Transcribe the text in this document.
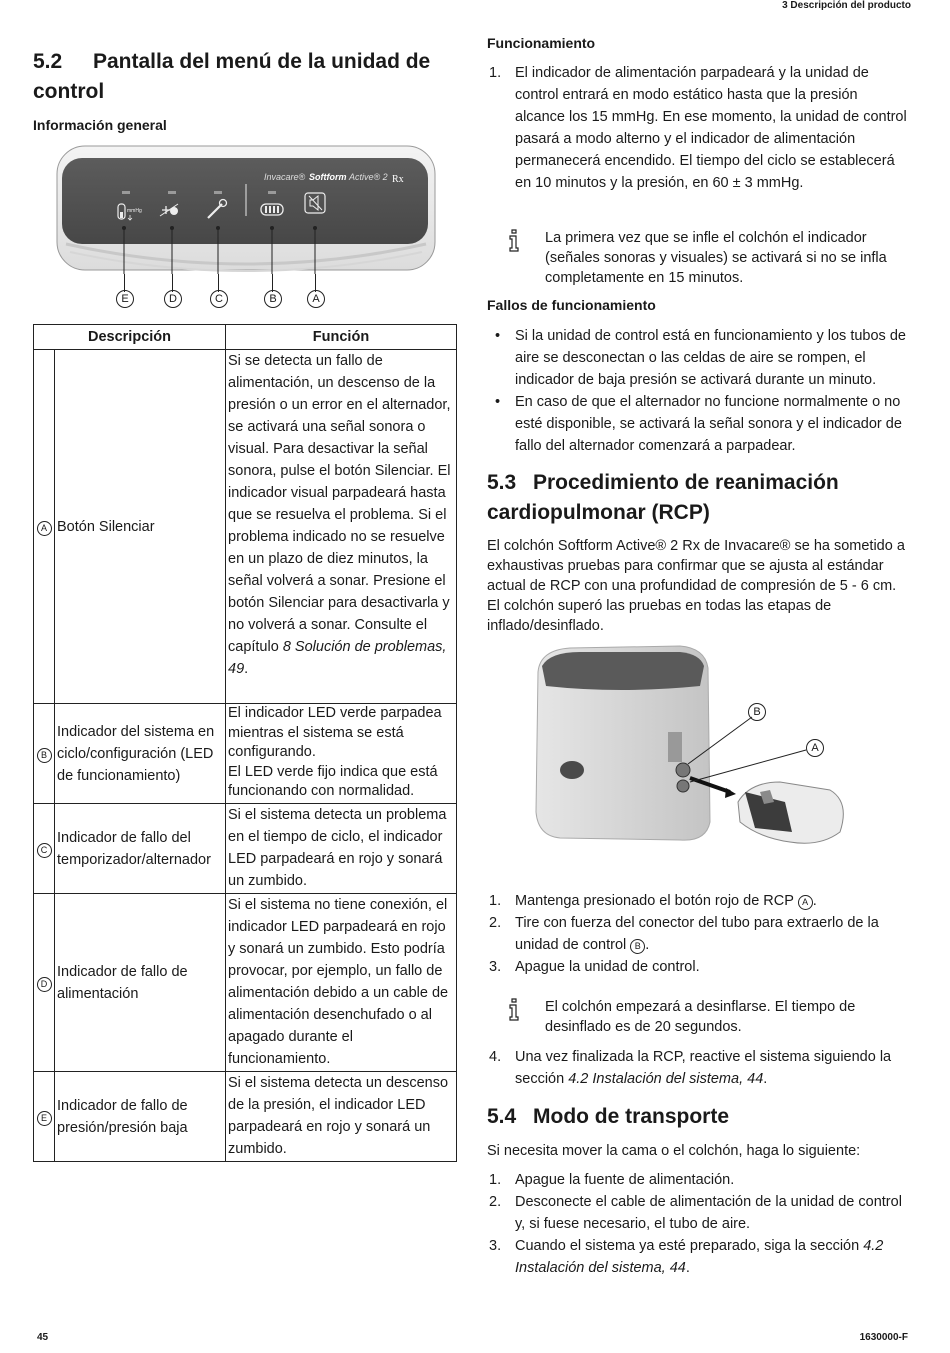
3 Descripción del producto
45	1630000-F
5.2 Pantalla del menú de la unidad de control
Información general
mmHg
Invacare® Softform Active® 2 Rx
E	D	C	B	A
Descripción		Función
A	Botón Silenciar	Si se detecta un fallo de alimentación, un descenso de la presión o un error en el alternador, se activará una señal sonora o visual. Para desactivar la señal sonora, pulse el botón Silenciar. El indicador visual parpadeará hasta que se resuelva el problema. Si el problema indicado no se resuelve en un plazo de diez minutos, la señal volverá a sonar. Presione el botón Silenciar para desactivarla y no volverá a sonar. Consulte el capítulo 8 Solución de problemas, 49.
B	Indicador del sistema en ciclo/configuración (LED de funcionamiento)	El indicador LED verde parpadea mientras el sistema se está configurando.
El LED verde fijo indica que está funcionando con normalidad.

C	Indicador de fallo del temporizador/alternador	Si el sistema detecta un problema en el tiempo de ciclo, el indicador LED parpadeará en rojo y sonará un zumbido.
D	Indicador de fallo de alimentación	Si el sistema no tiene conexión, el indicador LED parpadeará en rojo y sonará un zumbido. Esto podría provocar, por ejemplo, un fallo de alimentación debido a un cable de alimentación desenchufado o al apagado durante el funcionamiento.
E	Indicador de fallo de presión/presión baja	Si el sistema detecta un descenso de la presión, el indicador LED parpadeará en rojo y sonará un zumbido.
Funcionamiento
1. El indicador de alimentación parpadeará y la unidad de control entrará en modo estático hasta que la presión alcance los 15 mmHg. En ese momento, la unidad de control pasará a modo alterno y el indicador de alimentación permanecerá encendido. El tiempo del ciclo se establecerá en 10 minutos y la presión, en 60 ± 3 mmHg.
La primera vez que se infle el colchón el indicador (señales sonoras y visuales) se activará si no se infla completamente en 15 minutos.
Fallos de funcionamiento
• Si la unidad de control está en funcionamiento y los tubos de aire se desconectan o las celdas de aire se rompen, el indicador de baja presión se activará durante un minuto.
• En caso de que el alternador no funcione normalmente o no esté disponible, se activará la señal sonora y el indicador de fallo del alternador comenzará a parpadear.
5.3 Procedimiento de reanimación cardiopulmonar (RCP)
El colchón Softform Active® 2 Rx de Invacare® se ha sometido a exhaustivas pruebas para confirmar que se ajusta al estándar actual de RCP con una profundidad de compresión de 5 - 6 cm. El colchón superó las pruebas en todas las etapas de inflado/desinflado.
B
A
1. Mantenga presionado el botón rojo de RCP A .
2. Tire con fuerza del conector del tubo para extraerlo de la unidad de control B .
3. Apague la unidad de control.
El colchón empezará a desinflarse. El tiempo de desinflado es de 20 segundos.
4. Una vez finalizada la RCP, reactive el sistema siguiendo la sección 4.2 Instalación del sistema, 44.
5.4 Modo de transporte
Si necesita mover la cama o el colchón, haga lo siguiente:
1. Apague la fuente de alimentación.
2. Desconecte el cable de alimentación de la unidad de control y, si fuese necesario, el tubo de aire.
3. Cuando el sistema ya esté preparado, siga la sección 4.2 Instalación del sistema, 44.
